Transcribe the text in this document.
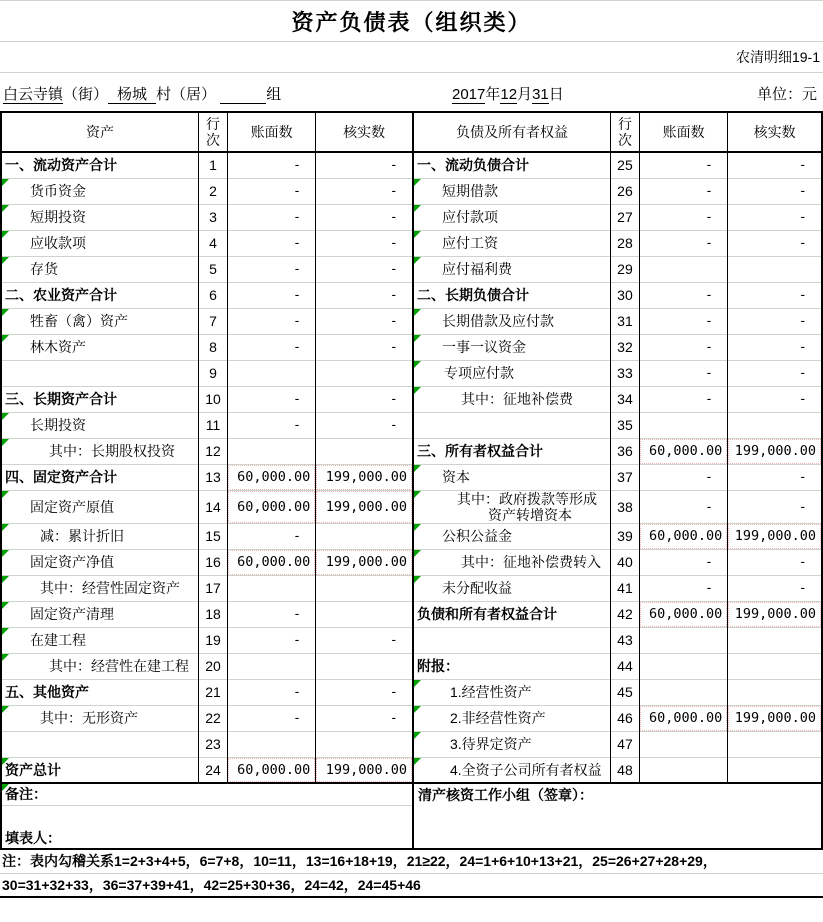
资产负债表（组织类）
农清明细19-1
白云寺镇（街） 杨城 村（居）	组	2017年12月31日	单位：元
资产	行次	账面数	核实数	负债及所有者权益	行次	账面数	核实数
一、流动资产合计	1	-	-	一、流动负债合计	25	-	-

货币资金	2	-	-	短期借款	26	-	-

短期投资	3	-	-	应付款项	27	-	-

应收款项	4	-	-	应付工资	28	-	-

存货	5	-	-	应付福利费	29		
二、农业资产合计	6	-	-	二、长期负债合计	30	-	-

牲畜（禽）资产	7	-	-	长期借款及应付款	31	-	-

林木资产	8	-	-	一事一议资金	32	-	-
	9			专项应付款	33	-	-
三、长期资产合计	10	-	-	其中：征地补偿费	34	-	-

长期投资	11	-	-		35		

其中：长期股权投资	12			三、所有者权益合计	36	60,000.00	199,000.00
四、固定资产合计	13	60,000.00	199,000.00	资本	37	-	-

固定资产原值	14	60,000.00	199,000.00	其中：政府拨款等形成资产转增资本	38	-	-

减：累计折旧	15	-		公积公益金	39	60,000.00	199,000.00

固定资产净值	16	60,000.00	199,000.00	其中：征地补偿费转入	40	-	-

其中：经营性固定资产	17			未分配收益	41	-	-

固定资产清理	18	-		负债和所有者权益合计	42	60,000.00	199,000.00

在建工程	19	-	-		43		

其中：经营性在建工程	20			附报：	44		
五、其他资产	21	-	-	1.经营性资产	45		

其中：无形资产	22	-	-	2.非经营性资产	46	60,000.00	199,000.00
	23			3.待界定资产	47		

资产总计	24	60,000.00	199,000.00	4.全资子公司所有者权益	48		

备注：
填表人：				清产核资工作小组（签章）：			
注：表内勾稽关系1=2+3+4+5，6=7+8，10=11，13=16+18+19，21≥22，24=1+6+10+13+21，25=26+27+28+29，
30=31+32+33，36=37+39+41，42=25+30+36，24=42，24=45+46
